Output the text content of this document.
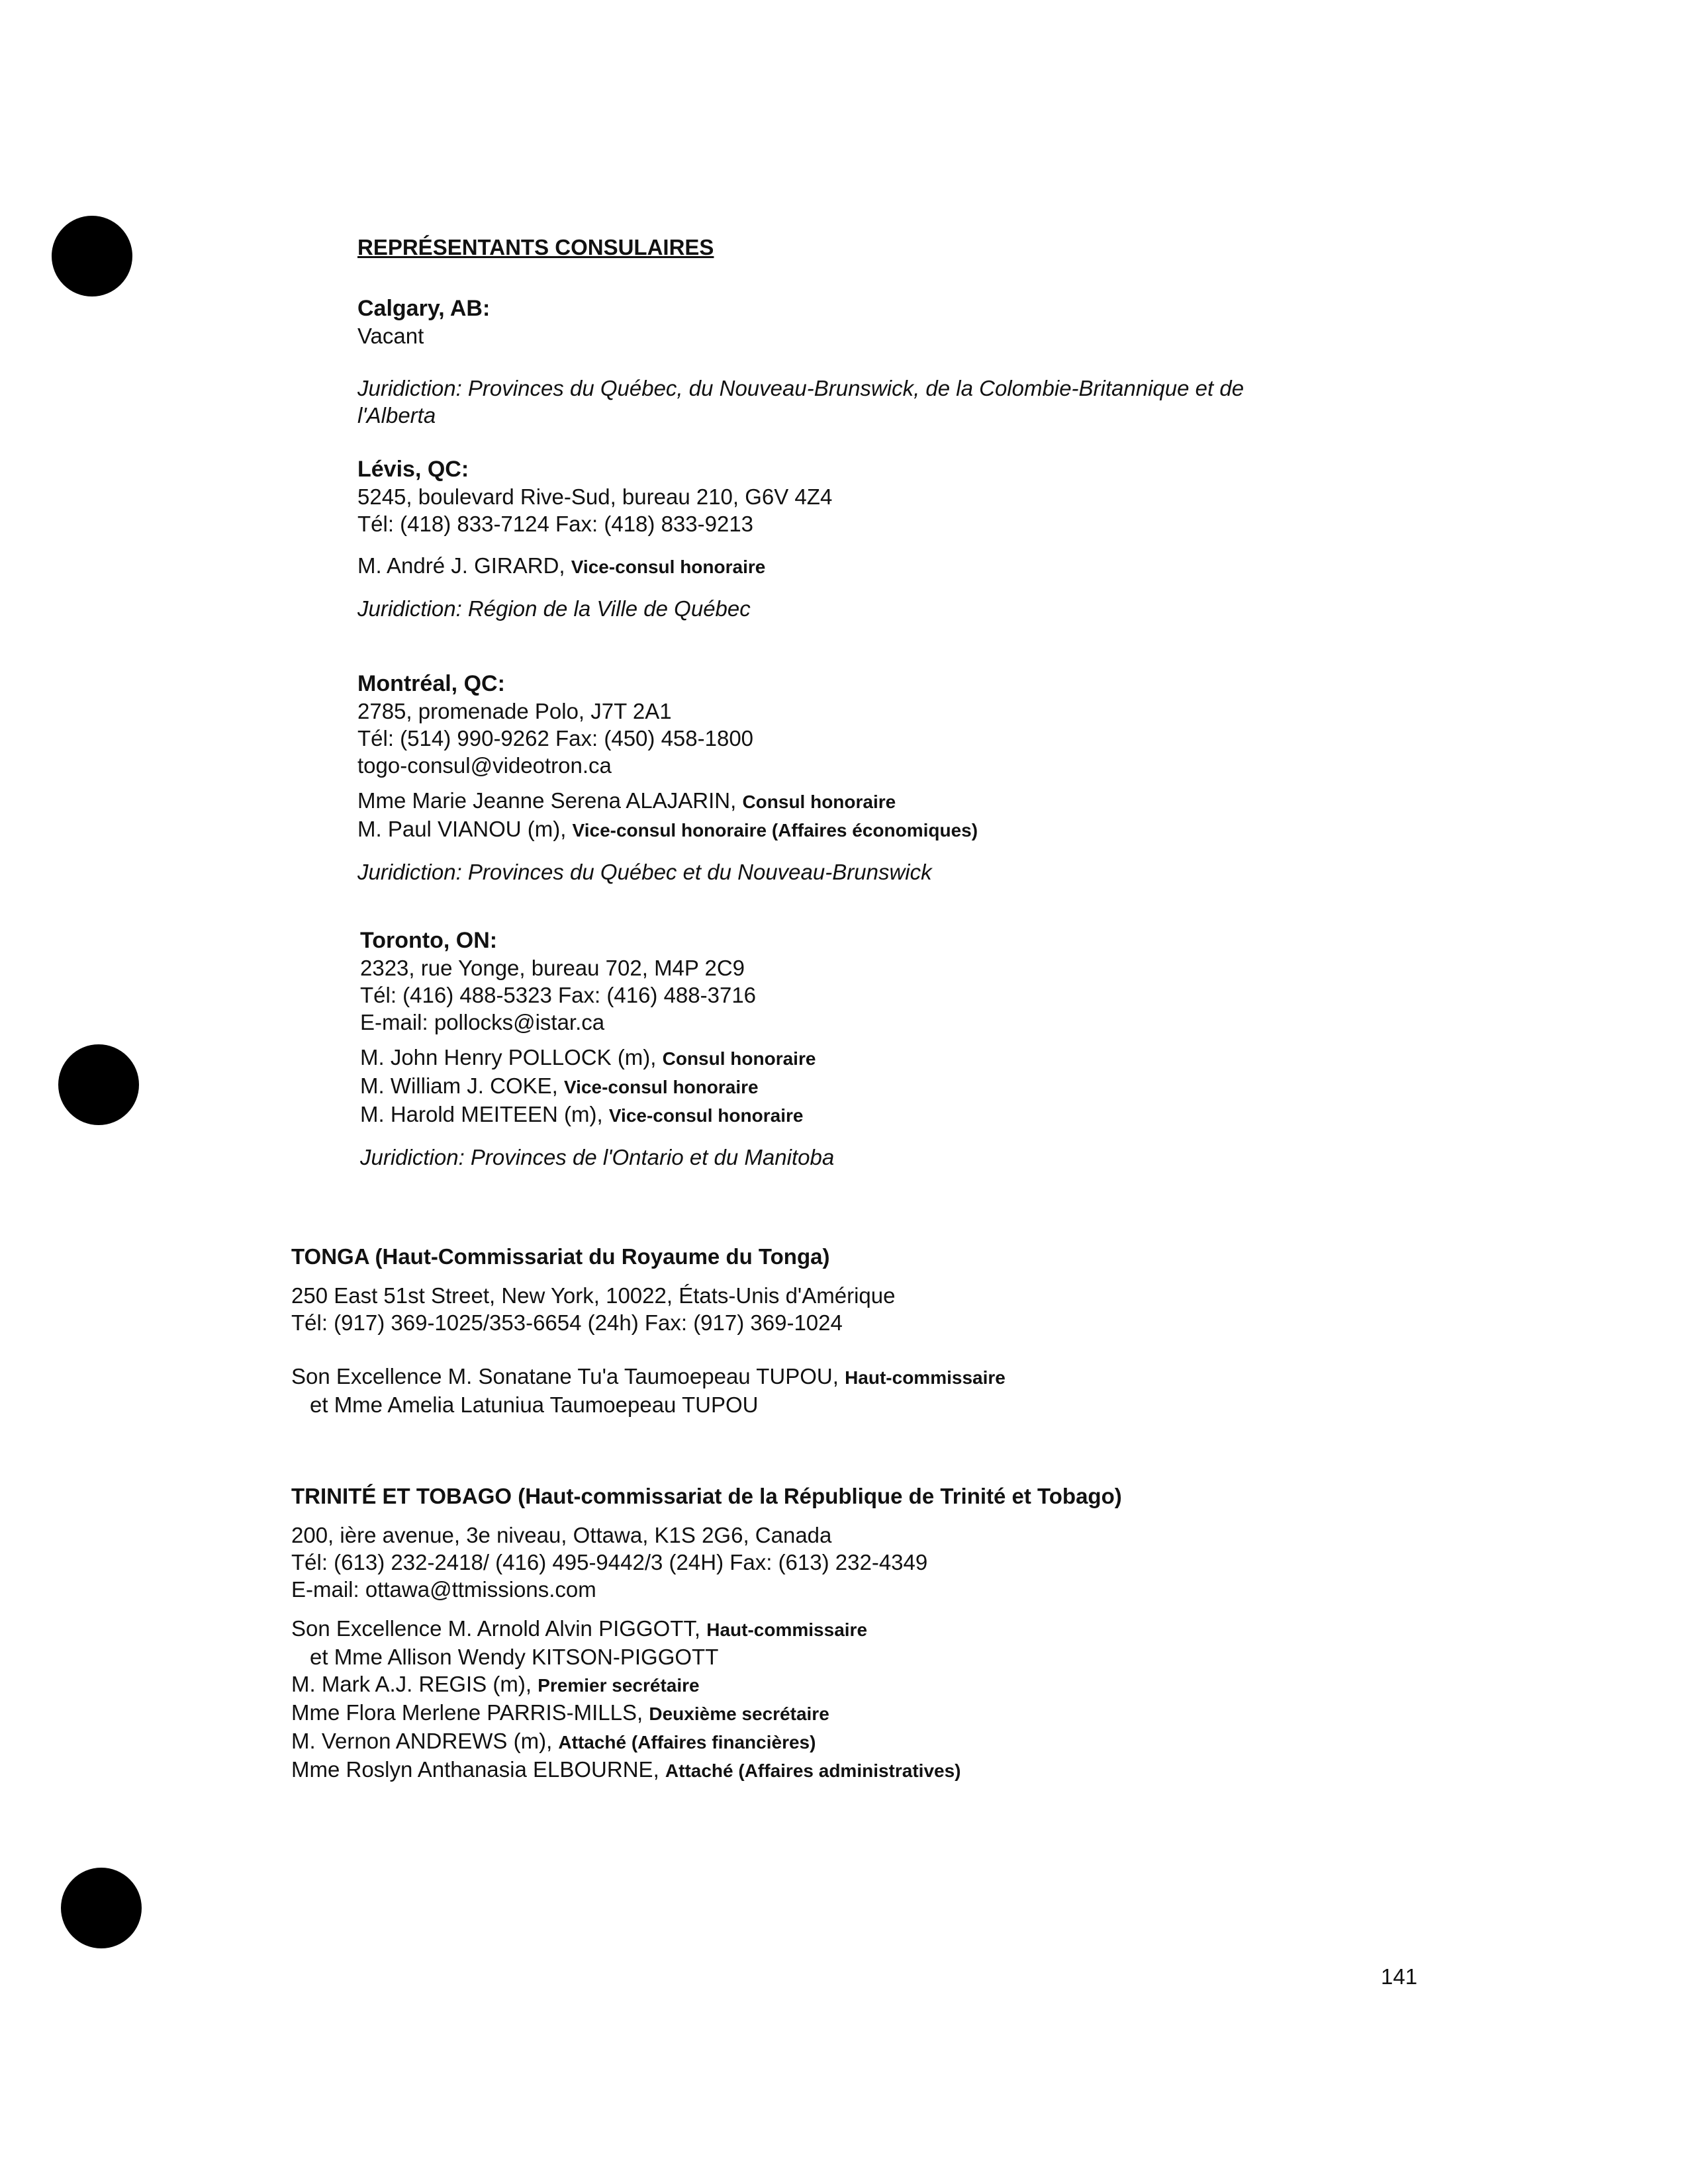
REPRÉSENTANTS CONSULAIRES
Calgary, AB:
Vacant
Juridiction: Provinces du Québec, du Nouveau-Brunswick, de la Colombie-Britannique et de
l'Alberta
Lévis, QC:
5245, boulevard Rive-Sud, bureau 210, G6V 4Z4
Tél: (418) 833-7124 Fax: (418) 833-9213
M. André J. GIRARD, Vice-consul honoraire
Juridiction: Région de la Ville de Québec
Montréal, QC:
2785, promenade Polo, J7T 2A1
Tél: (514) 990-9262 Fax: (450) 458-1800
togo-consul@videotron.ca
Mme Marie Jeanne Serena ALAJARIN, Consul honoraire
M. Paul VIANOU (m), Vice-consul honoraire (Affaires économiques)
Juridiction: Provinces du Québec et du Nouveau-Brunswick
Toronto, ON:
2323, rue Yonge, bureau 702, M4P 2C9
Tél: (416) 488-5323 Fax: (416) 488-3716
E-mail: pollocks@istar.ca
M. John Henry POLLOCK (m), Consul honoraire
M. William J. COKE, Vice-consul honoraire
M. Harold MEITEEN (m), Vice-consul honoraire
Juridiction: Provinces de l'Ontario et du Manitoba
TONGA (Haut-Commissariat du Royaume du Tonga)
250 East 51st Street, New York, 10022, États-Unis d'Amérique
Tél: (917) 369-1025/353-6654 (24h) Fax: (917) 369-1024
Son Excellence M. Sonatane Tu'a Taumoepeau TUPOU, Haut-commissaire
et Mme Amelia Latuniua Taumoepeau TUPOU
TRINITÉ ET TOBAGO (Haut-commissariat de la République de Trinité et Tobago)
200, ière avenue, 3e niveau, Ottawa, K1S 2G6, Canada
Tél: (613) 232-2418/ (416) 495-9442/3 (24H) Fax: (613) 232-4349
E-mail: ottawa@ttmissions.com
Son Excellence M. Arnold Alvin PIGGOTT, Haut-commissaire
et Mme Allison Wendy KITSON-PIGGOTT
M. Mark A.J. REGIS (m), Premier secrétaire
Mme Flora Merlene PARRIS-MILLS, Deuxième secrétaire
M. Vernon ANDREWS (m), Attaché (Affaires financières)
Mme Roslyn Anthanasia ELBOURNE, Attaché (Affaires administratives)
141
